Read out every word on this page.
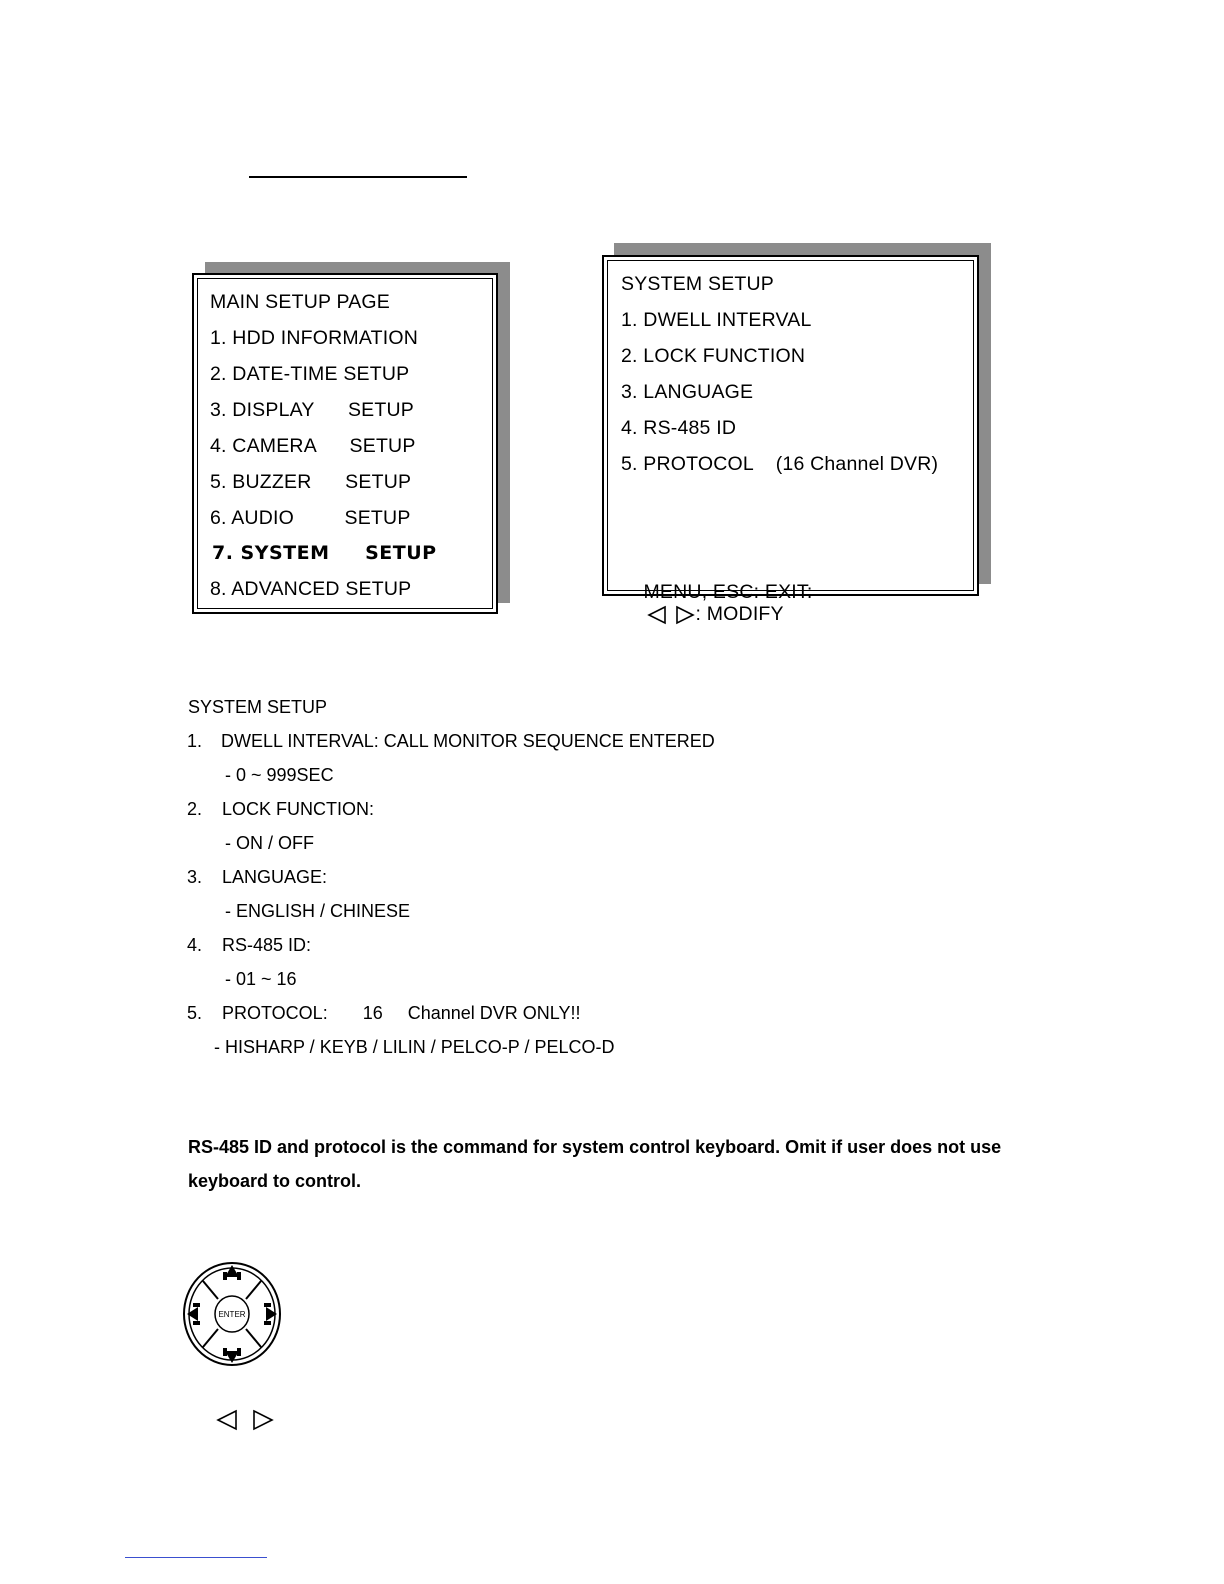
MAIN SETUP PAGE
1. HDD INFORMATION
2. DATE-TIME SETUP
3. DISPLAY      SETUP
4. CAMERA      SETUP
5. BUZZER      SETUP
6. AUDIO         SETUP
7. SYSTEM     SETUP
8. ADVANCED SETUP
SYSTEM SETUP
1. DWELL INTERVAL
2. LOCK FUNCTION
3. LANGUAGE
4. RS-485 ID
5. PROTOCOL    (16 Channel DVR)

MENU, ESC: EXIT:
: MODIFY

SYSTEM SETUP
1. DWELL INTERVAL: CALL MONITOR SEQUENCE ENTERED
- 0 ~ 999SEC
2. LOCK FUNCTION:
- ON / OFF
3. LANGUAGE:
- ENGLISH / CHINESE
4. RS-485 ID:
- 01 ~ 16
5. PROTOCOL:       16     Channel DVR ONLY!!
- HISHARP / KEYB / LILIN / PELCO-P / PELCO-D
RS-485 ID and protocol is the command for system control keyboard. Omit if user does not use
keyboard to control.
ENTER
